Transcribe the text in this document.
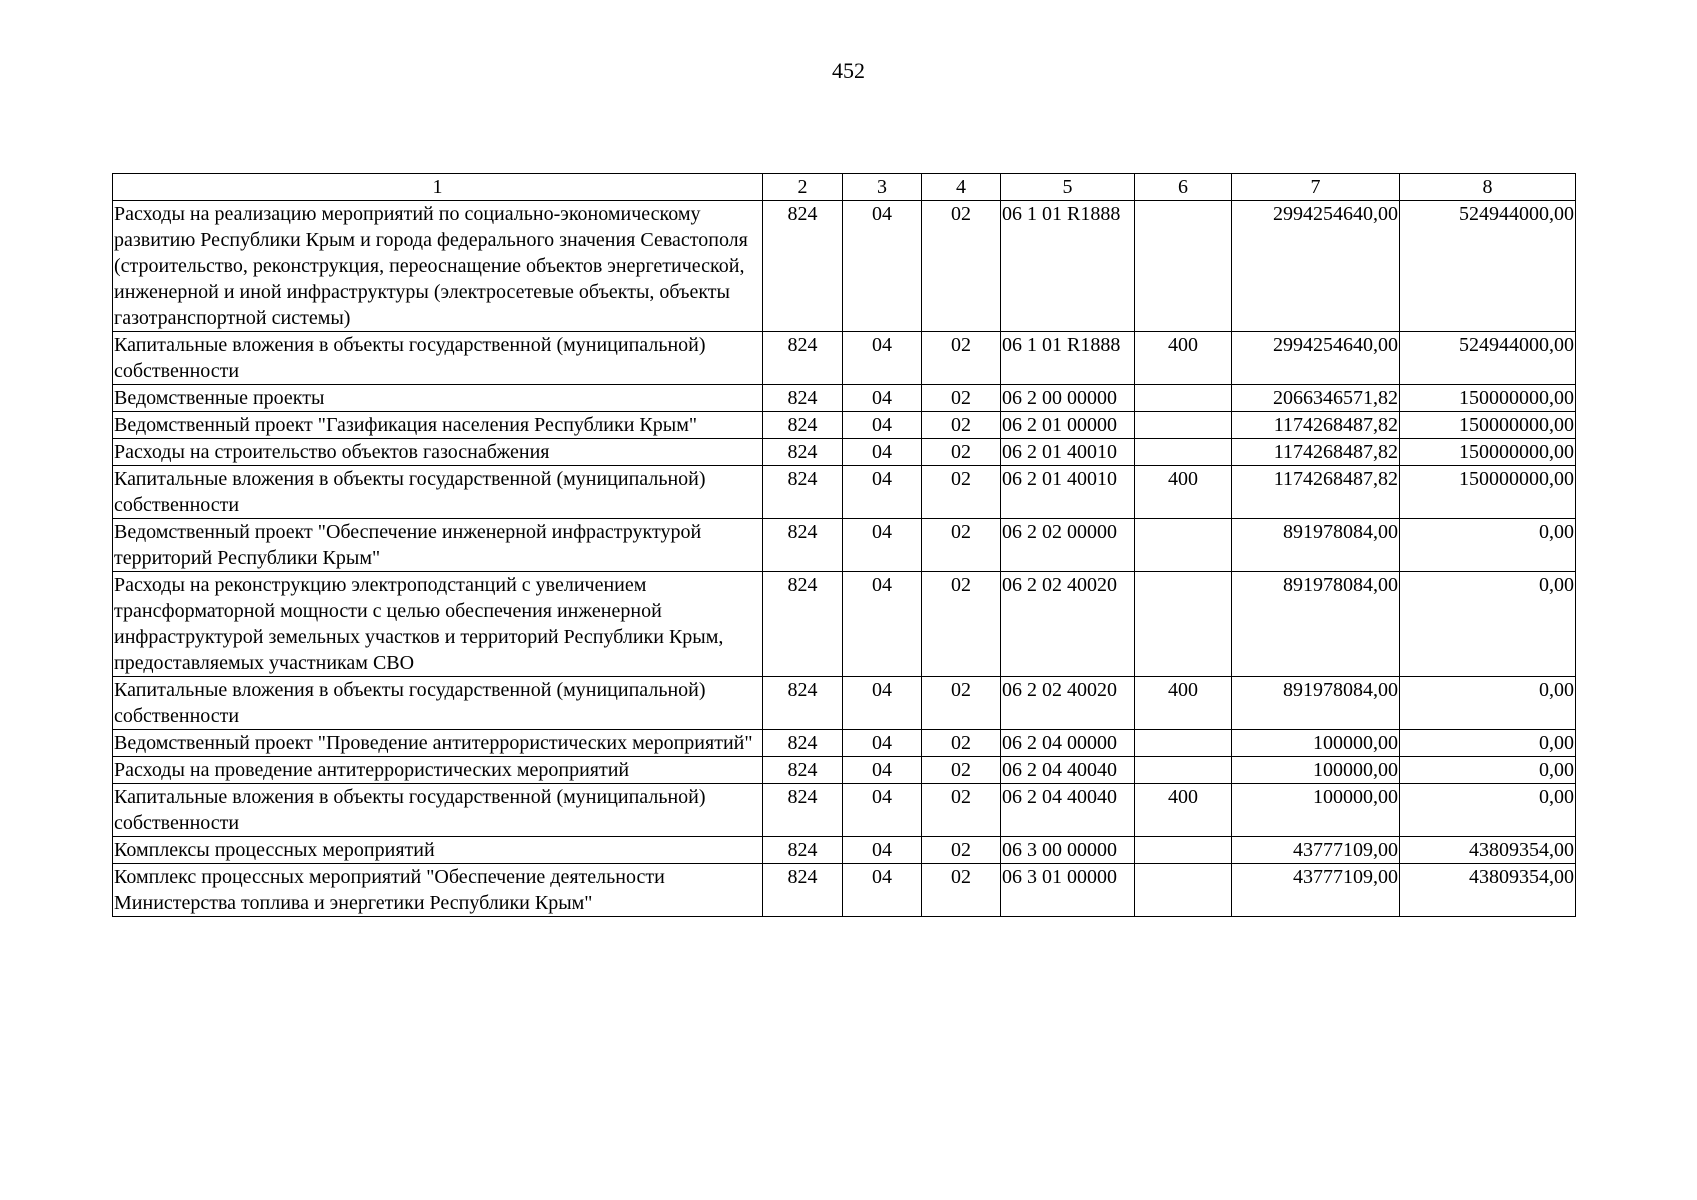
452
1	2	3	4	5	6	7	8
Расходы на реализацию мероприятий по социально-экономическому развитию Республики Крым и города федерального значения Севастополя (строительство, реконструкция, переоснащение объектов энергетической, инженерной и иной инфраструктуры (электросетевые объекты, объекты газотранспортной системы)	824	04	02	06 1 01 R1888		2994254640,00	524944000,00
Капитальные вложения в объекты государственной (муниципальной) собственности	824	04	02	06 1 01 R1888	400	2994254640,00	524944000,00
Ведомственные проекты	824	04	02	06 2 00 00000		2066346571,82	150000000,00
Ведомственный проект "Газификация населения Республики Крым"	824	04	02	06 2 01 00000		1174268487,82	150000000,00
Расходы на строительство объектов газоснабжения	824	04	02	06 2 01 40010		1174268487,82	150000000,00
Капитальные вложения в объекты государственной (муниципальной) собственности	824	04	02	06 2 01 40010	400	1174268487,82	150000000,00
Ведомственный проект "Обеспечение инженерной инфраструктурой территорий Республики Крым"	824	04	02	06 2 02 00000		891978084,00	0,00
Расходы на реконструкцию электроподстанций с увеличением трансформаторной мощности с целью обеспечения инженерной инфраструктурой земельных участков и территорий Республики Крым, предоставляемых участникам СВО	824	04	02	06 2 02 40020		891978084,00	0,00
Капитальные вложения в объекты государственной (муниципальной) собственности	824	04	02	06 2 02 40020	400	891978084,00	0,00
Ведомственный проект "Проведение антитеррористических мероприятий"	824	04	02	06 2 04 00000		100000,00	0,00
Расходы на проведение антитеррористических мероприятий	824	04	02	06 2 04 40040		100000,00	0,00
Капитальные вложения в объекты государственной (муниципальной) собственности	824	04	02	06 2 04 40040	400	100000,00	0,00
Комплексы процессных мероприятий	824	04	02	06 3 00 00000		43777109,00	43809354,00
Комплекс процессных мероприятий "Обеспечение деятельности Министерства топлива и энергетики Республики Крым"	824	04	02	06 3 01 00000		43777109,00	43809354,00
